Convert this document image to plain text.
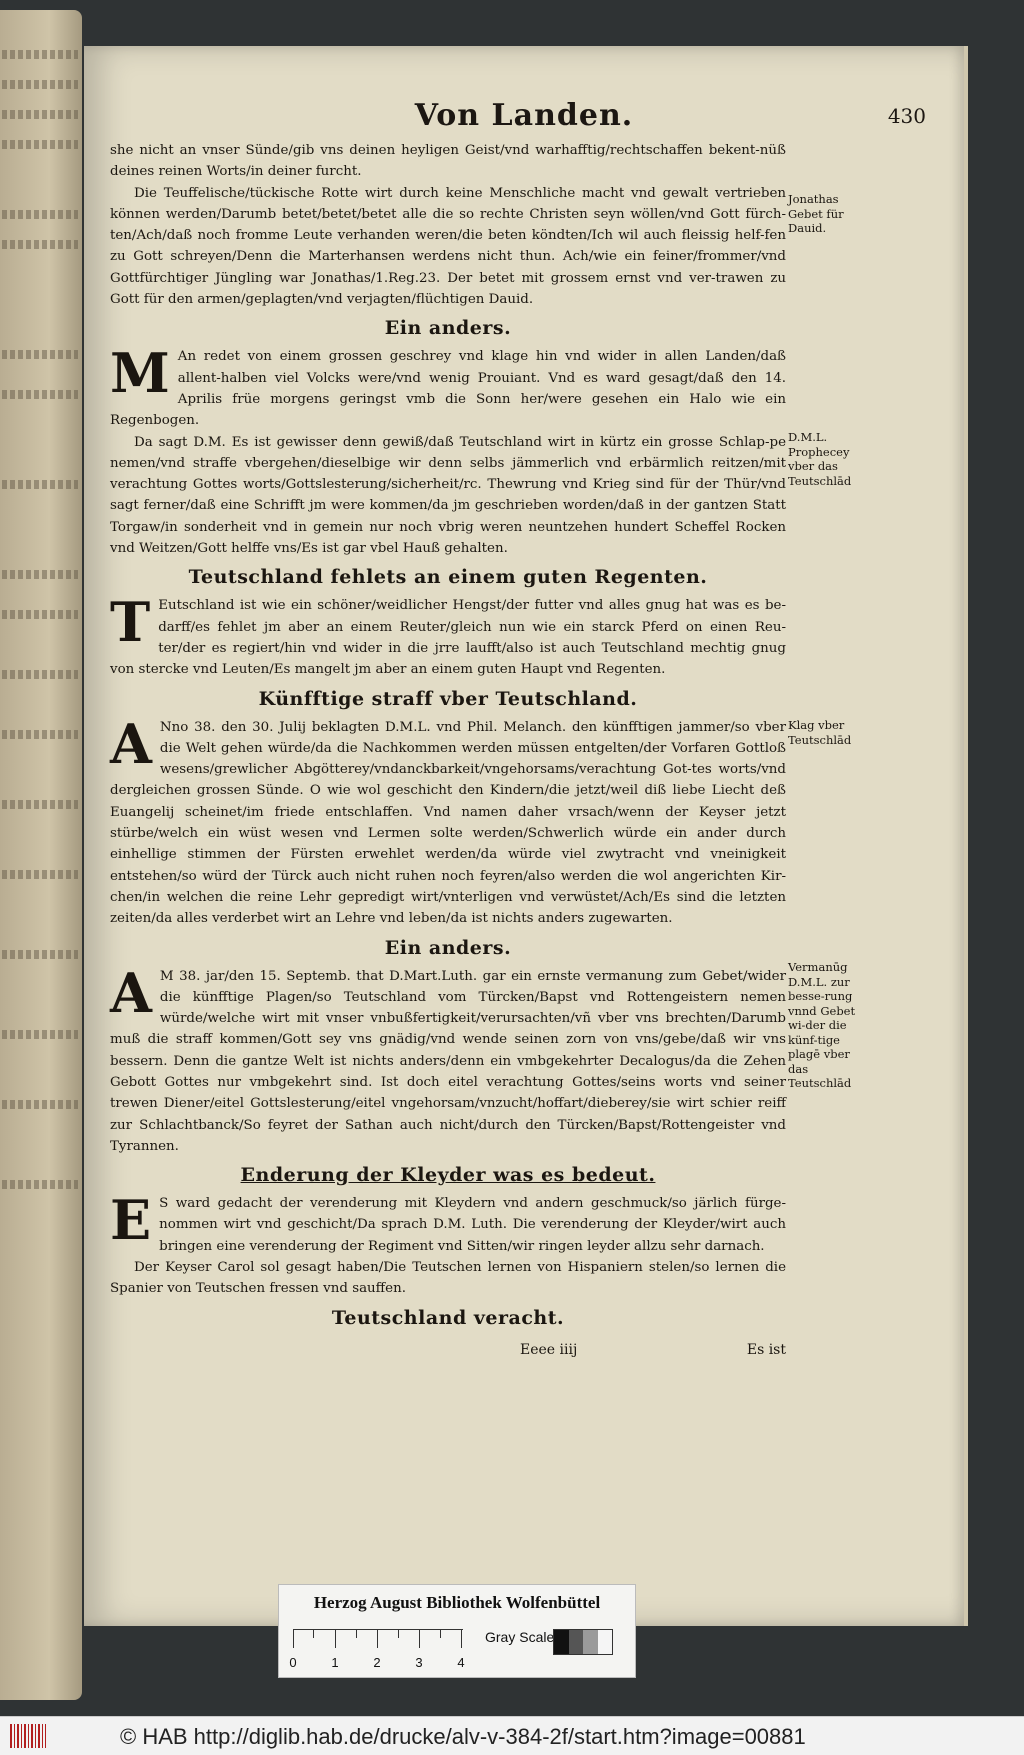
Von Landen.	430

she nicht an vnser Sünde/gib vns deinen heyligen Geist/vnd warhafftig/rechtschaffen bekent-nüß deines reinen Worts/in deiner furcht.

Die Teuffelische/tückische Rotte wirt durch keine Menschliche macht vnd gewalt vertrieben können werden/Darumb betet/betet/betet alle die so rechte Christen seyn wöllen/vnd Gott fürch-ten/Ach/daß noch fromme Leute verhanden weren/die beten köndten/Ich wil auch fleissig helf-fen zu Gott schreyen/Denn die Marterhansen werdens nicht thun. Ach/wie ein feiner/frommer/vnd Gottfürchtiger Jüngling war Jonathas/1.Reg.23. Der betet mit grossem ernst vnd ver-trawen zu Gott für den armen/geplagten/vnd verjagten/flüchtigen Dauid.

Ein anders.

M An redet von einem grossen geschrey vnd klage hin vnd wider in allen Landen/daß allent-halben viel Volcks were/vnd wenig Prouiant. Vnd es ward gesagt/daß den 14. Aprilis früe morgens geringst vmb die Sonn her/were gesehen ein Halo wie ein Regenbogen.

Da sagt D.M. Es ist gewisser denn gewiß/daß Teutschland wirt in kürtz ein grosse Schlap-pe nemen/vnd straffe vbergehen/dieselbige wir denn selbs jämmerlich vnd erbärmlich reitzen/mit verachtung Gottes worts/Gottslesterung/sicherheit/rc. Thewrung vnd Krieg sind für der Thür/vnd sagt ferner/daß eine Schrifft jm were kommen/da jm geschrieben worden/daß in der gantzen Statt Torgaw/in sonderheit vnd in gemein nur noch vbrig weren neuntzehen hundert Scheffel Rocken vnd Weitzen/Gott helffe vns/Es ist gar vbel Hauß gehalten.

Teutschland fehlets an einem guten Regenten.

T Eutschland ist wie ein schöner/weidlicher Hengst/der futter vnd alles gnug hat was es be-darff/es fehlet jm aber an einem Reuter/gleich nun wie ein starck Pferd on einen Reu-ter/der es regiert/hin vnd wider in die jrre laufft/also ist auch Teutschland mechtig gnug von stercke vnd Leuten/Es mangelt jm aber an einem guten Haupt vnd Regenten.

Künfftige straff vber Teutschland.

A Nno 38. den 30. Julij beklagten D.M.L. vnd Phil. Melanch. den künfftigen jammer/so vber die Welt gehen würde/da die Nachkommen werden müssen entgelten/der Vorfaren Gottloß wesens/grewlicher Abgötterey/vndanckbarkeit/vngehorsams/verachtung Got-tes worts/vnd dergleichen grossen Sünde. O wie wol geschicht den Kindern/die jetzt/weil diß liebe Liecht deß Euangelij scheinet/im friede entschlaffen. Vnd namen daher vrsach/wenn der Keyser jetzt stürbe/welch ein wüst wesen vnd Lermen solte werden/Schwerlich würde ein ander durch einhellige stimmen der Fürsten erwehlet werden/da würde viel zwytracht vnd vneinigkeit entstehen/so würd der Türck auch nicht ruhen noch feyren/also werden die wol angerichten Kir-chen/in welchen die reine Lehr gepredigt wirt/vnterligen vnd verwüstet/Ach/Es sind die letzten zeiten/da alles verderbet wirt an Lehre vnd leben/da ist nichts anders zugewarten.

Ein anders.

A M 38. jar/den 15. Septemb. that D.Mart.Luth. gar ein ernste vermanung zum Gebet/wider die künfftige Plagen/so Teutschland vom Türcken/Bapst vnd Rottengeistern nemen würde/welche wirt mit vnser vnbußfertigkeit/verursachten/vñ vber vns brechten/Darumb muß die straff kommen/Gott sey vns gnädig/vnd wende seinen zorn von vns/gebe/daß wir vns bessern. Denn die gantze Welt ist nichts anders/denn ein vmbgekehrter Decalogus/da die Zehen Gebott Gottes nur vmbgekehrt sind. Ist doch eitel verachtung Gottes/seins worts vnd seiner trewen Diener/eitel Gottslesterung/eitel vngehorsam/vnzucht/hoffart/dieberey/sie wirt schier reiff zur Schlachtbanck/So feyret der Sathan auch nicht/durch den Türcken/Bapst/Rottengeister vnd Tyrannen.

Enderung der Kleyder was es bedeut.

E S ward gedacht der verenderung mit Kleydern vnd andern geschmuck/so järlich fürge-nommen wirt vnd geschicht/Da sprach D.M. Luth. Die verenderung der Kleyder/wirt auch bringen eine verenderung der Regiment vnd Sitten/wir ringen leyder allzu sehr darnach.

Der Keyser Carol sol gesagt haben/Die Teutschen lernen von Hispaniern stelen/so lernen die Spanier von Teutschen fressen vnd sauffen.

Teutschland veracht.
Eeee iiij	Es ist
Jonathas Gebet für Dauid.
D.M.L. Prophecey vber das Teutschlād
Klag vber Teutschlād
Vermanūg D.M.L. zur besse-rung vnnd Gebet wi-der die künf-tige plagē vber das Teutschlād
Herzog August Bibliothek Wolfenbüttel
0	1	2	3	4
Gray Scale
© HAB http://diglib.hab.de/drucke/alv-v-384-2f/start.htm?image=00881
